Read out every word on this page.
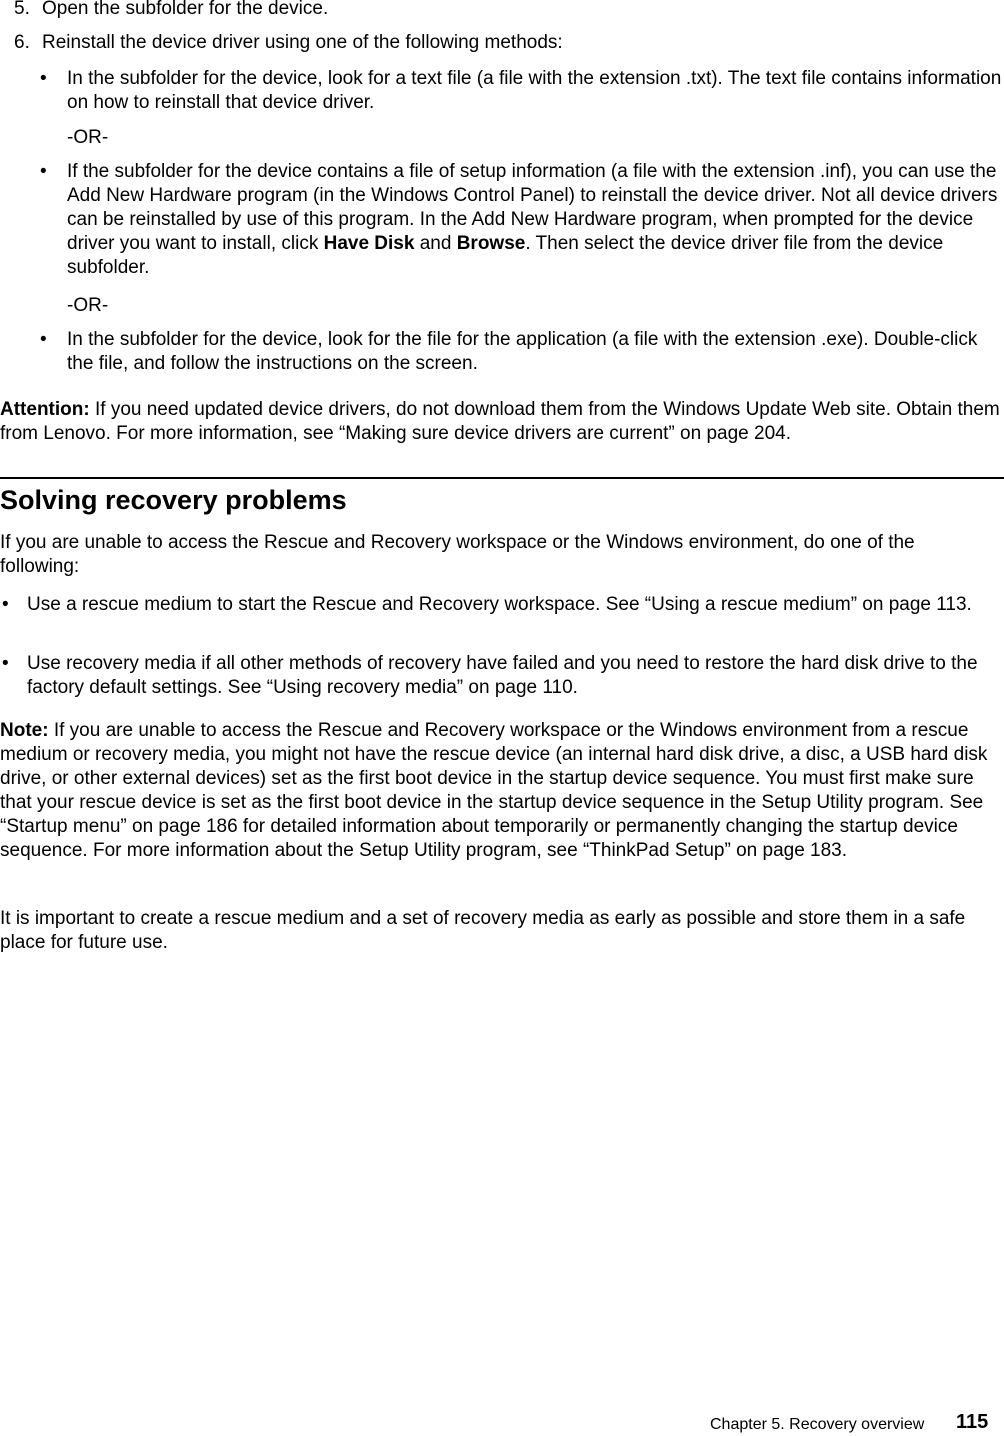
5. Open the subfolder for the device.
6. Reinstall the device driver using one of the following methods:
• In the subfolder for the device, look for a text file (a file with the extension .txt). The text file contains information on how to reinstall that device driver.
-OR-
• If the subfolder for the device contains a file of setup information (a file with the extension .inf), you can use the Add New Hardware program (in the Windows Control Panel) to reinstall the device driver. Not all device drivers can be reinstalled by use of this program. In the Add New Hardware program, when prompted for the device driver you want to install, click Have Disk and Browse. Then select the device driver file from the device subfolder.
-OR-
• In the subfolder for the device, look for the file for the application (a file with the extension .exe). Double-click the file, and follow the instructions on the screen.
Attention: If you need updated device drivers, do not download them from the Windows Update Web site. Obtain them from Lenovo. For more information, see “Making sure device drivers are current” on page 204.
Solving recovery problems
If you are unable to access the Rescue and Recovery workspace or the Windows environment, do one of the following:
• Use a rescue medium to start the Rescue and Recovery workspace. See “Using a rescue medium” on page 113.
• Use recovery media if all other methods of recovery have failed and you need to restore the hard disk drive to the factory default settings. See “Using recovery media” on page 110.
Note: If you are unable to access the Rescue and Recovery workspace or the Windows environment from a rescue medium or recovery media, you might not have the rescue device (an internal hard disk drive, a disc, a USB hard disk drive, or other external devices) set as the first boot device in the startup device sequence. You must first make sure that your rescue device is set as the first boot device in the startup device sequence in the Setup Utility program. See “Startup menu” on page 186 for detailed information about temporarily or permanently changing the startup device sequence. For more information about the Setup Utility program, see “ThinkPad Setup” on page 183.
It is important to create a rescue medium and a set of recovery media as early as possible and store them in a safe place for future use.
Chapter 5. Recovery overview 115
